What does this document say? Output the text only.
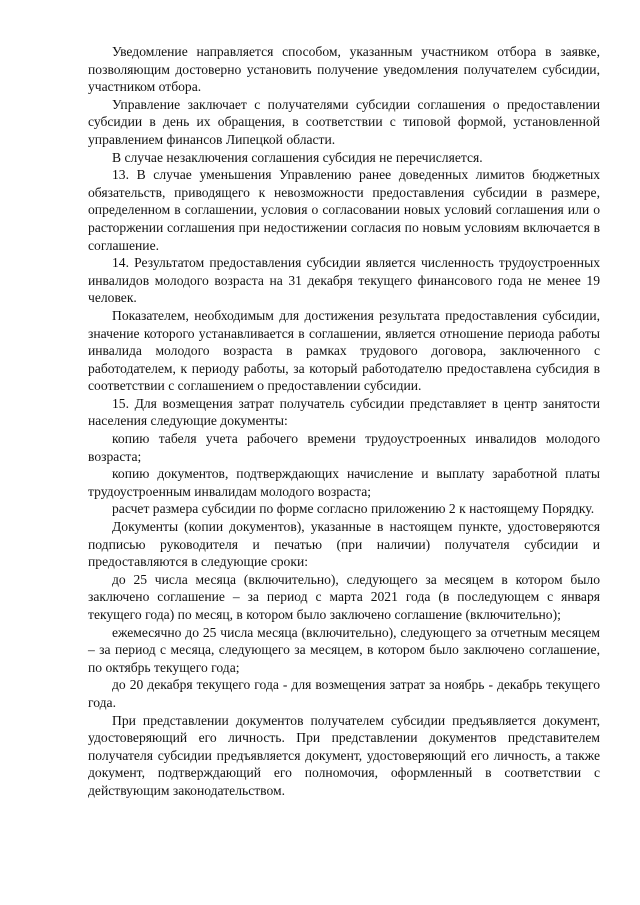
Уведомление направляется способом, указанным участником отбора в заявке, позволяющим достоверно установить получение уведомления получателем субсидии, участником отбора.

Управление заключает с получателями субсидии соглашения о предоставлении субсидии в день их обращения, в соответствии с типовой формой, установленной управлением финансов Липецкой области.

В случае незаключения соглашения субсидия не перечисляется.

13. В случае уменьшения Управлению ранее доведенных лимитов бюджетных обязательств, приводящего к невозможности предоставления субсидии в размере, определенном в соглашении, условия о согласовании новых условий соглашения или о расторжении соглашения при недостижении согласия по новым условиям включается в соглашение.

14. Результатом предоставления субсидии является численность трудоустроенных инвалидов молодого возраста на 31 декабря текущего финансового года не менее 19 человек.

Показателем, необходимым для достижения результата предоставления субсидии, значение которого устанавливается в соглашении, является отношение периода работы инвалида молодого возраста в рамках трудового договора, заключенного с работодателем, к периоду работы, за который работодателю предоставлена субсидия в соответствии с соглашением о предоставлении субсидии.

15. Для возмещения затрат получатель субсидии представляет в центр занятости населения следующие документы:

копию табеля учета рабочего времени трудоустроенных инвалидов молодого возраста;

копию документов, подтверждающих начисление и выплату заработной платы трудоустроенным инвалидам молодого возраста;

расчет размера субсидии по форме согласно приложению 2 к настоящему Порядку.

Документы (копии документов), указанные в настоящем пункте, удостоверяются подписью руководителя и печатью (при наличии) получателя субсидии и предоставляются в следующие сроки:

до 25 числа месяца (включительно), следующего за месяцем в котором было заключено соглашение – за период с марта 2021 года (в последующем с января текущего года) по месяц, в котором было заключено соглашение (включительно);

ежемесячно до 25 числа месяца (включительно), следующего за отчетным месяцем – за период с месяца, следующего за месяцем, в котором было заключено соглашение, по октябрь текущего года;

до 20 декабря текущего года - для возмещения затрат за ноябрь - декабрь текущего года.

При представлении документов получателем субсидии предъявляется документ, удостоверяющий его личность. При представлении документов представителем получателя субсидии предъявляется документ, удостоверяющий его личность, а также документ, подтверждающий его полномочия, оформленный в соответствии с действующим законодательством.
